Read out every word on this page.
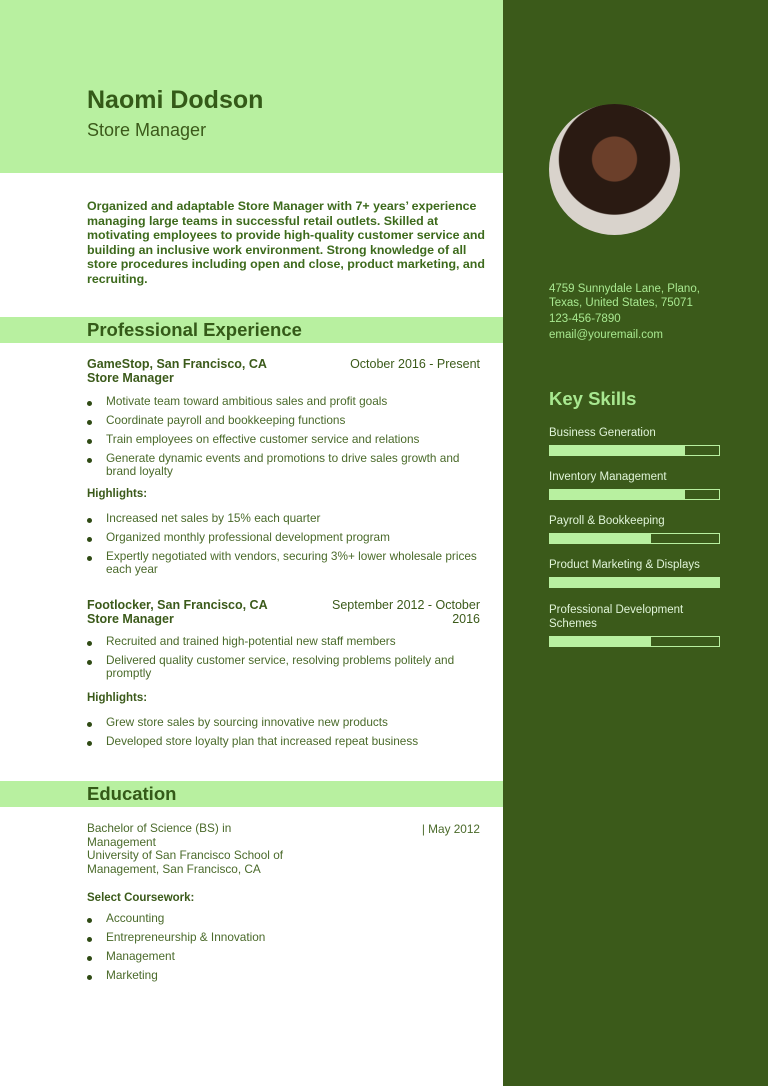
Naomi Dodson
Store Manager
Organized and adaptable Store Manager with 7+ years’ experience managing large teams in successful retail outlets. Skilled at motivating employees to provide high-quality customer service and building an inclusive work environment. Strong knowledge of all store procedures including open and close, product marketing, and recruiting.
Professional Experience
GameStop, San Francisco, CA
Store Manager
October 2016 - Present
Motivate team toward ambitious sales and profit goals
Coordinate payroll and bookkeeping functions
Train employees on effective customer service and relations
Generate dynamic events and promotions to drive sales growth and brand loyalty
Highlights:
Increased net sales by 15% each quarter
Organized monthly professional development program
Expertly negotiated with vendors, securing 3%+ lower wholesale prices each year
Footlocker, San Francisco, CA
Store Manager
September 2012 - October
2016
Recruited and trained high-potential new staff members
Delivered quality customer service, resolving problems politely and promptly
Highlights:
Grew store sales by sourcing innovative new products
Developed store loyalty plan that increased repeat business
Education
Bachelor of Science (BS) in
Management
University of San Francisco School of
Management, San Francisco, CA
| May 2012
Select Coursework:
Accounting
Entrepreneurship & Innovation
Management
Marketing
4759 Sunnydale Lane, Plano,
Texas, United States, 75071
123-456-7890
email@youremail.com
Key Skills
Business Generation
Inventory Management
Payroll & Bookkeeping
Product Marketing & Displays
Professional Development Schemes
